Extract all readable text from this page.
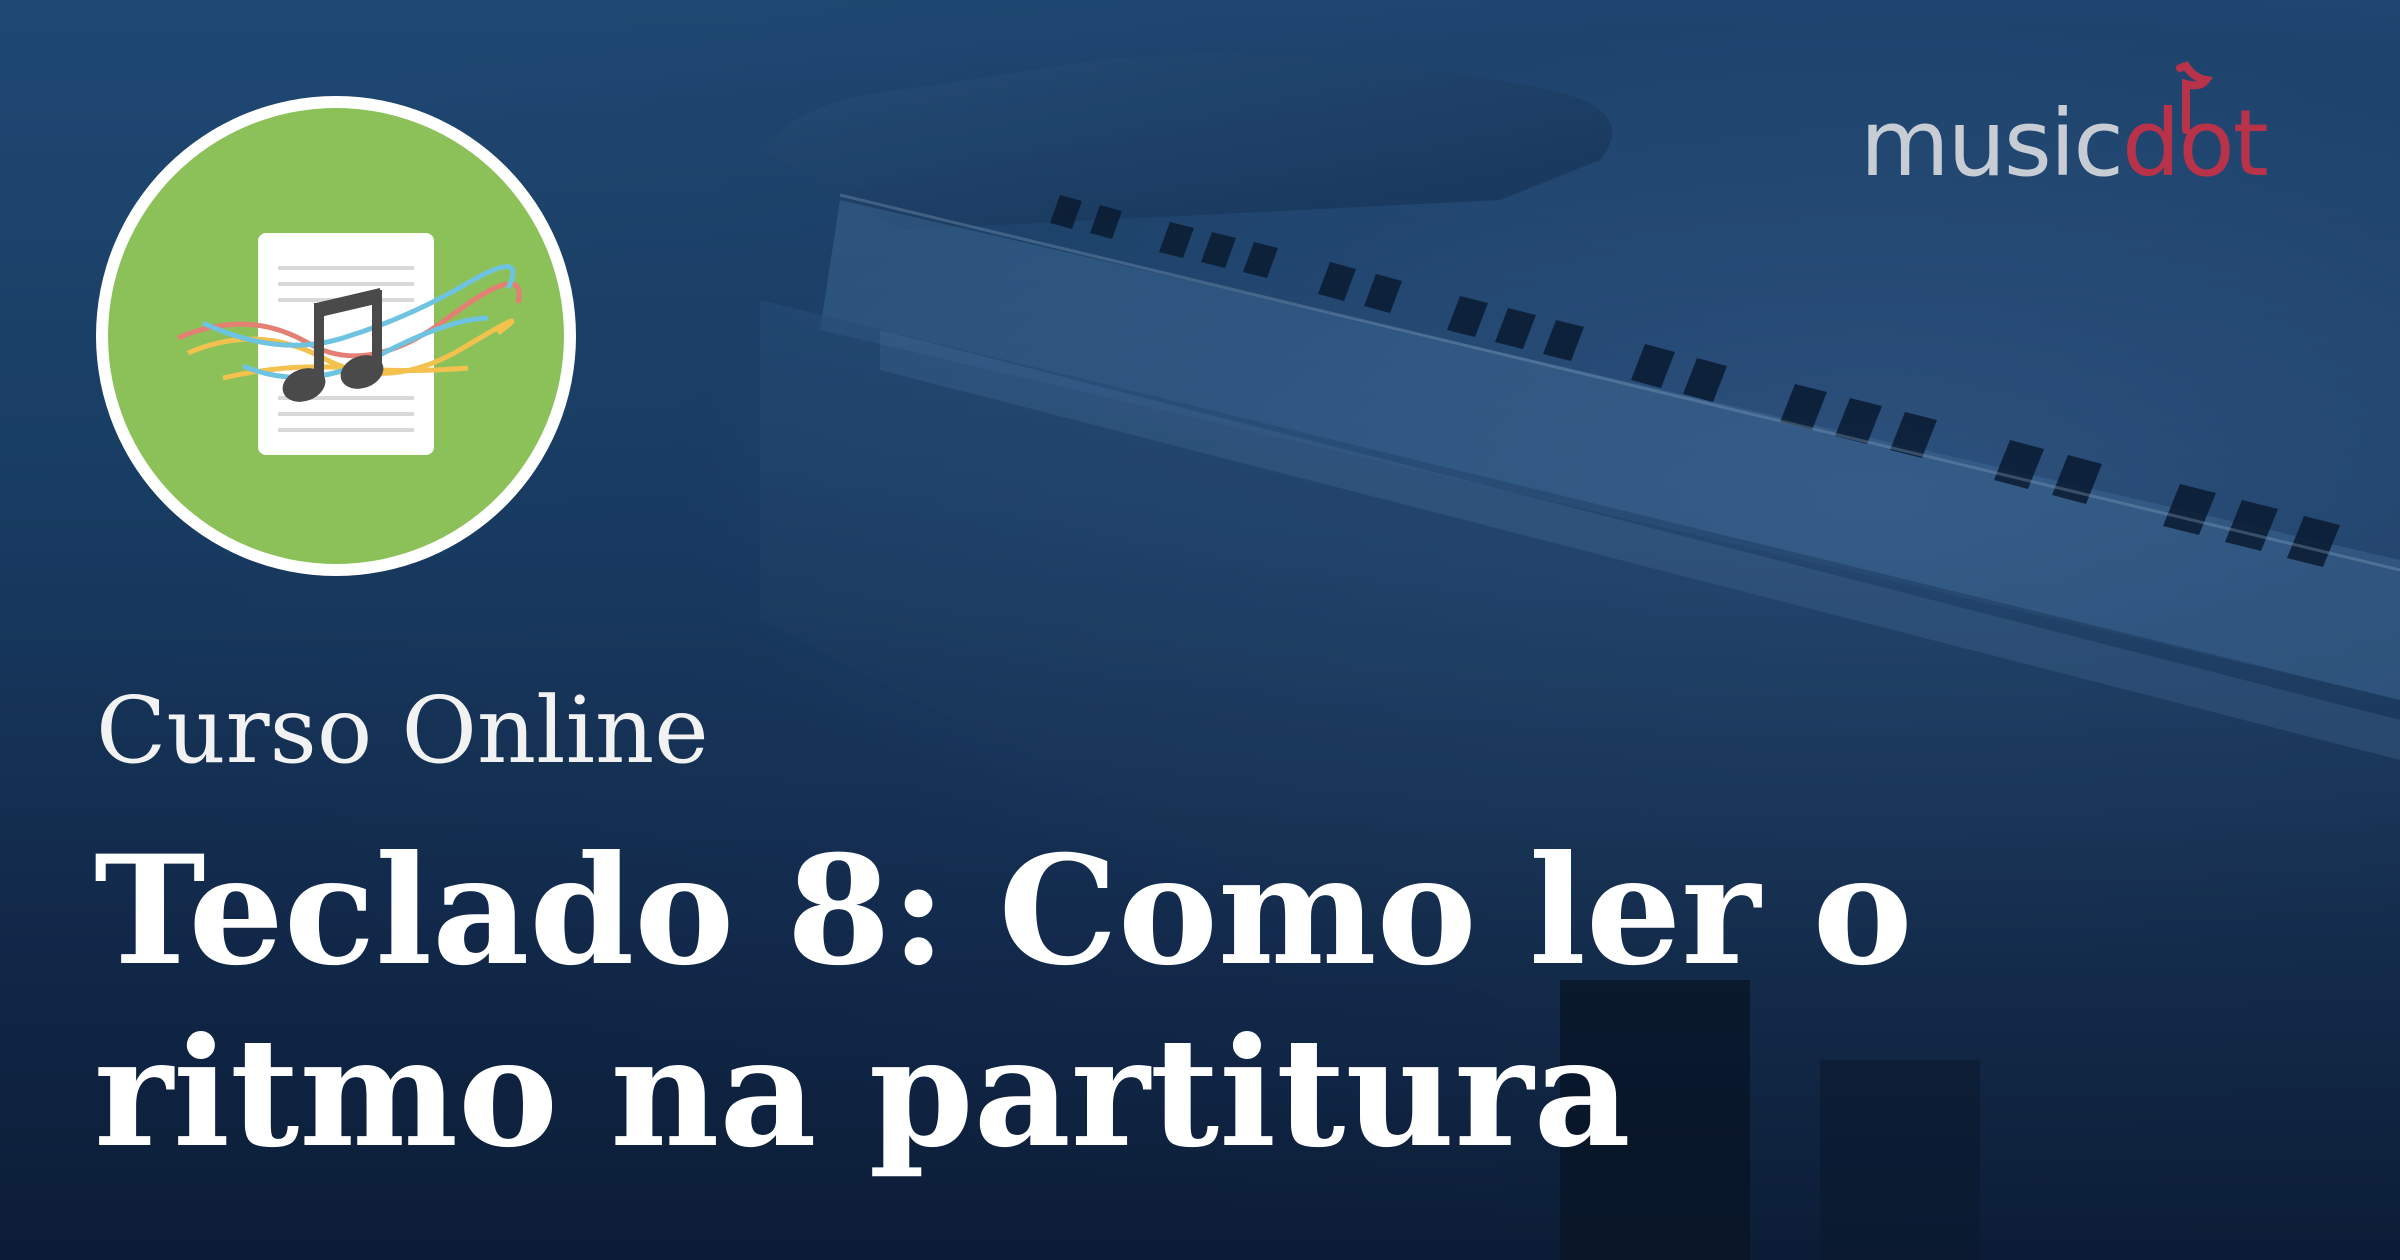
musicdot
Curso Online
Teclado 8: Como ler o ritmo na partitura
